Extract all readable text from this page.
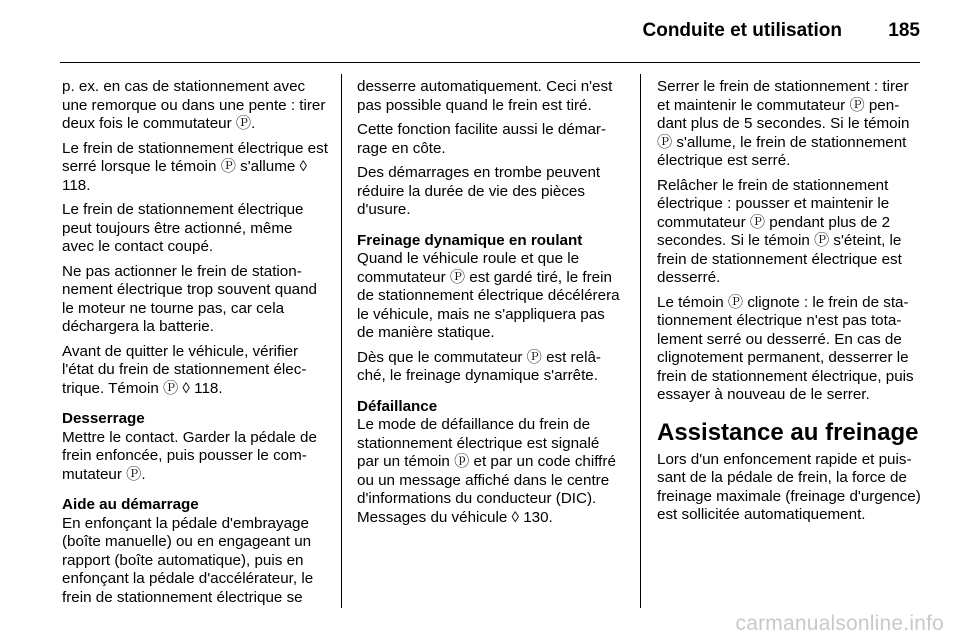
Conduite et utilisation 185

p. ex. en cas de stationnement avec une remorque ou dans une pente : tirer deux fois le commutateur Ⓟ.

Le frein de stationnement électrique est serré lorsque le témoin Ⓟ s'allume ◊ 118.

Le frein de stationnement électrique peut toujours être actionné, même avec le contact coupé.

Ne pas actionner le frein de stationnement électrique trop souvent quand le moteur ne tourne pas, car cela déchargera la batterie.

Avant de quitter le véhicule, vérifier l'état du frein de stationnement électrique. Témoin Ⓟ ◊ 118.

Desserrage

Mettre le contact. Garder la pédale de frein enfoncée, puis pousser le commutateur Ⓟ.

Aide au démarrage

En enfonçant la pédale d'embrayage (boîte manuelle) ou en engageant un rapport (boîte automatique), puis en enfonçant la pédale d'accélérateur, le frein de stationnement électrique se

desserre automatiquement. Ceci n'est pas possible quand le frein est tiré.

Cette fonction facilite aussi le démarrage en côte.

Des démarrages en trombe peuvent réduire la durée de vie des pièces d'usure.

Freinage dynamique en roulant

Quand le véhicule roule et que le commutateur Ⓟ est gardé tiré, le frein de stationnement électrique décélérera le véhicule, mais ne s'appliquera pas de manière statique.

Dès que le commutateur Ⓟ est relâché, le freinage dynamique s'arrête.

Défaillance

Le mode de défaillance du frein de stationnement électrique est signalé par un témoin ⓟ et par un code chiffré ou un message affiché dans le centre d'informations du conducteur (DIC). Messages du véhicule ◊ 130.

Serrer le frein de stationnement : tirer et maintenir le commutateur Ⓟ pendant plus de 5 secondes. Si le témoin Ⓟ s'allume, le frein de stationnement électrique est serré.

Relâcher le frein de stationnement électrique : pousser et maintenir le commutateur Ⓟ pendant plus de 2 secondes. Si le témoin Ⓟ s'éteint, le frein de stationnement électrique est desserré.

Le témoin Ⓟ clignote : le frein de stationnement électrique n'est pas totalement serré ou desserré. En cas de clignotement permanent, desserrer le frein de stationnement électrique, puis essayer à nouveau de le serrer.

Assistance au freinage

Lors d'un enfoncement rapide et puissant de la pédale de frein, la force de freinage maximale (freinage d'urgence) est sollicitée automatiquement.

carmanualsonline.info
